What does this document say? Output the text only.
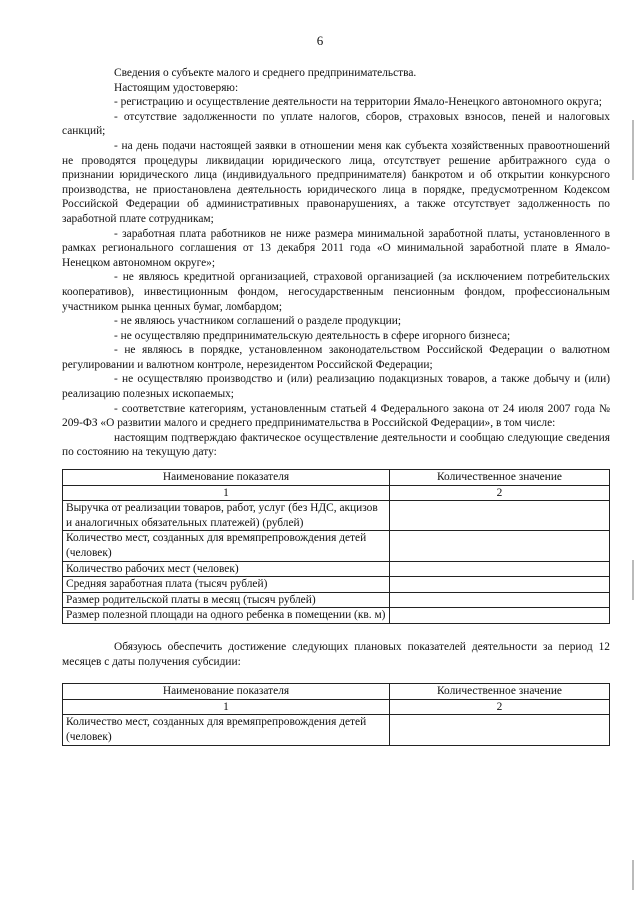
6

Сведения о субъекте малого и среднего предпринимательства.

Настоящим удостоверяю:

- регистрацию и осуществление деятельности на территории Ямало-Ненецкого автономного округа;

- отсутствие задолженности по уплате налогов, сборов, страховых взносов, пеней и налоговых санкций;

- на день подачи настоящей заявки в отношении меня как субъекта хозяйственных правоотношений не проводятся процедуры ликвидации юридического лица, отсутствует решение арбитражного суда о признании юридического лица (индивидуального предпринимателя) банкротом и об открытии конкурсного производства, не приостановлена деятельность юридического лица в порядке, предусмотренном Кодексом Российской Федерации об административных правонарушениях, а также отсутствует задолженность по заработной плате сотрудникам;

- заработная плата работников не ниже размера минимальной заработной платы, установленного в рамках регионального соглашения от 13 декабря 2011 года «О минимальной заработной плате в Ямало-Ненецком автономном округе»;

- не являюсь кредитной организацией, страховой организацией (за исключением потребительских кооперативов), инвестиционным фондом, негосударственным пенсионным фондом, профессиональным участником рынка ценных бумаг, ломбардом;

- не являюсь участником соглашений о разделе продукции;

- не осуществляю предпринимательскую деятельность в сфере игорного бизнеса;

- не являюсь в порядке, установленном законодательством Российской Федерации о валютном регулировании и валютном контроле, нерезидентом Российской Федерации;

- не осуществляю производство и (или) реализацию подакцизных товаров, а также добычу и (или) реализацию полезных ископаемых;

- соответствие категориям, установленным статьей 4 Федерального закона от 24 июля 2007 года № 209-ФЗ «О развитии малого и среднего предпринимательства в Российской Федерации», в том числе:

настоящим подтверждаю фактическое осуществление деятельности и сообщаю следующие сведения по состоянию на текущую дату:

Наименование показателя	Количественное значение
1	2
Выручка от реализации товаров, работ, услуг (без НДС, акцизов и аналогичных обязательных платежей) (рублей)	
Количество мест, созданных для времяпрепровождения детей (человек)	
Количество рабочих мест (человек)	
Средняя заработная плата (тысяч рублей)	
Размер родительской платы в месяц (тысяч рублей)	
Размер полезной площади на одного ребенка в помещении (кв. м)	

Обязуюсь обеспечить достижение следующих плановых показателей деятельности за период 12 месяцев с даты получения субсидии:

Наименование показателя	Количественное значение
1	2
Количество мест, созданных для времяпрепровождения детей (человек)	
